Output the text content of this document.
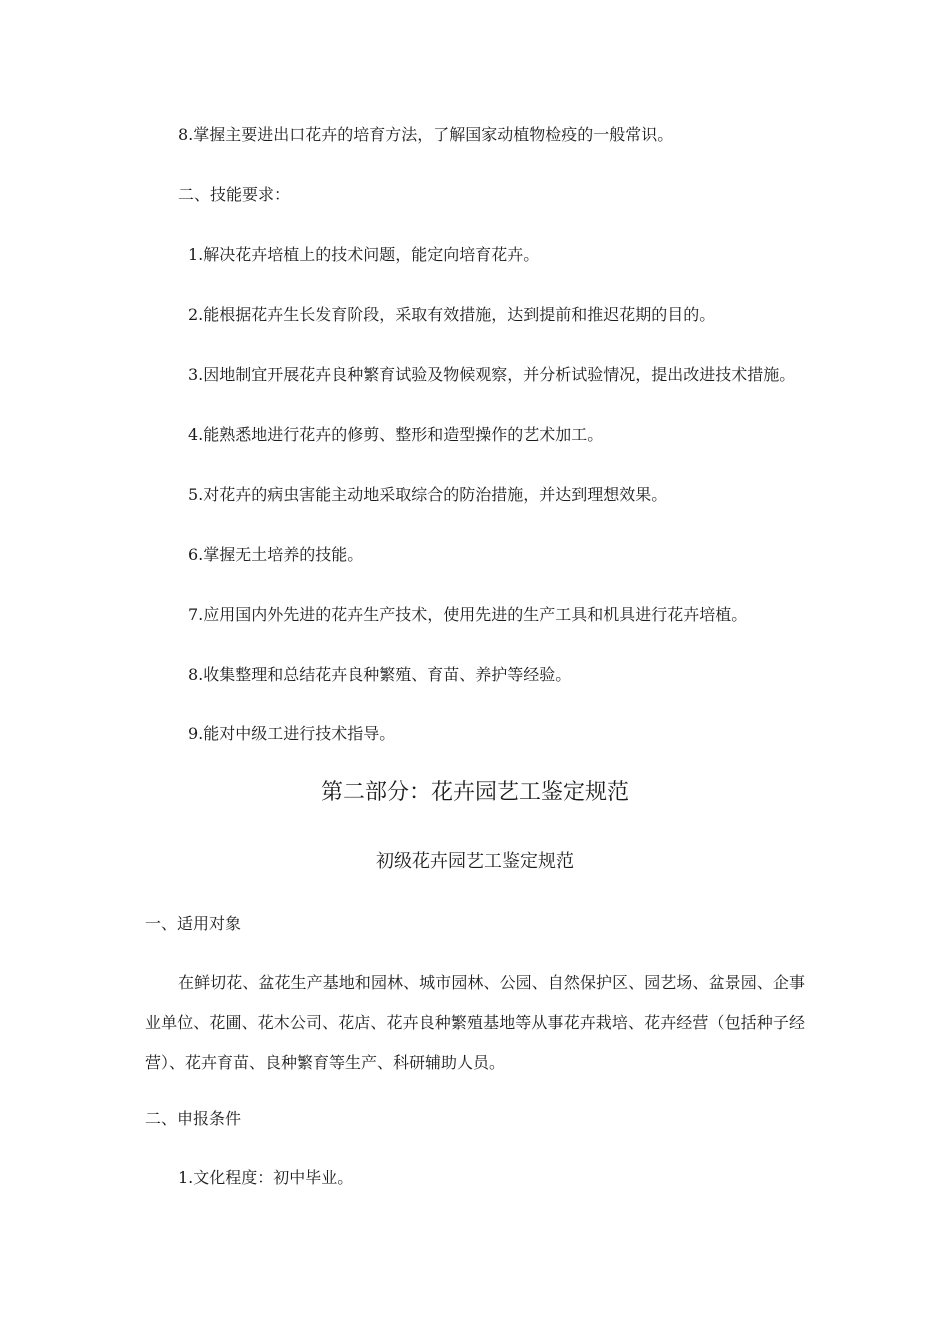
8.掌握主要进出口花卉的培育方法，了解国家动植物检疫的一般常识。
二、技能要求：
1.解决花卉培植上的技术问题，能定向培育花卉。
2.能根据花卉生长发育阶段，采取有效措施，达到提前和推迟花期的目的。
3.因地制宜开展花卉良种繁育试验及物候观察，并分析试验情况，提出改进技术措施。
4.能熟悉地进行花卉的修剪、整形和造型操作的艺术加工。
5.对花卉的病虫害能主动地采取综合的防治措施，并达到理想效果。
6.掌握无土培养的技能。
7.应用国内外先进的花卉生产技术，使用先进的生产工具和机具进行花卉培植。
8.收集整理和总结花卉良种繁殖、育苗、养护等经验。
9.能对中级工进行技术指导。
第二部分：花卉园艺工鉴定规范
初级花卉园艺工鉴定规范
一、适用对象
在鲜切花、盆花生产基地和园林、城市园林、公园、自然保护区、园艺场、盆景园、企事业单位、花圃、花木公司、花店、花卉良种繁殖基地等从事花卉栽培、花卉经营（包括种子经营）、花卉育苗、良种繁育等生产、科研辅助人员。
二、申报条件
1.文化程度：初中毕业。
